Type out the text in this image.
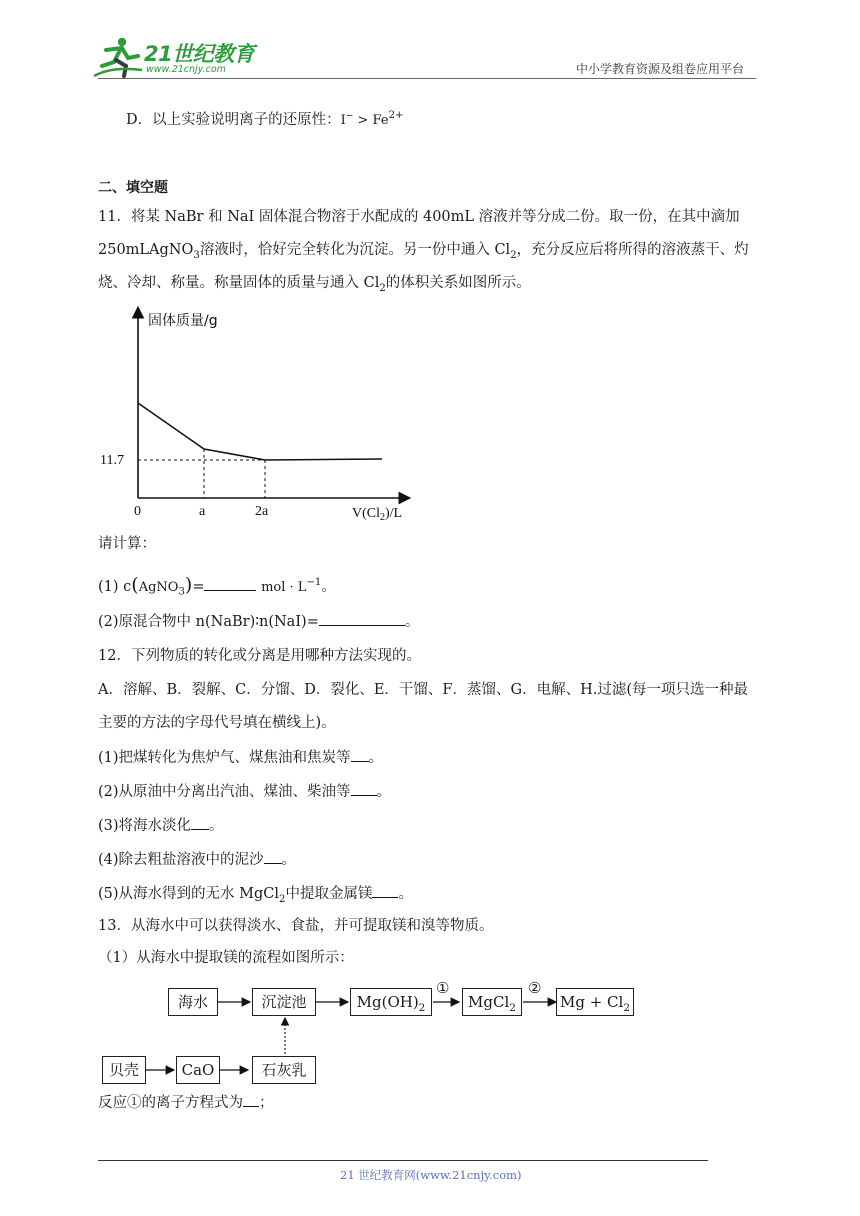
21世纪教育
www.21cnjy.com	中小学教育资源及组卷应用平台
D．以上实验说明离子的还原性：$I^- > Fe^{2+}$
二、填空题
11．将某 NaBr 和 NaI 固体混合物溶于水配成的 400mL 溶液并等分成二份。取一份，在其中滴加
250mLAgNO$_3$溶液时，恰好完全转化为沉淀。另一份中通入 $Cl_2$，充分反应后将所得的溶液蒸干、灼
烧、冷却、称量。称量固体的质量与通入 $Cl_2$的体积关系如图所示。
固体质量/g
$V(Cl_2)/L$
0	a	2a
11.7
请计算：
(1) c(AgNO$_3$)=	mol · $L^{-1}$。
(2)原混合物中 n(NaBr)∶n(NaI)=	。
12．下列物质的转化或分离是用哪种方法实现的。
A．溶解、B．裂解、C．分馏、D．裂化、E．干馏、F．蒸馏、G．电解、H.过滤(每一项只选一种最
主要的方法的字母代号填在横线上)。
(1)把煤转化为焦炉气、煤焦油和焦炭等 。
(2)从原油中分离出汽油、煤油、柴油等 。
(3)将海水淡化 。
(4)除去粗盐溶液中的泥沙 。
(5)从海水得到的无水 MgCl$_2$中提取金属镁 。
13．从海水中可以获得淡水、食盐，并可提取镁和溴等物质。
（1）从海水中提取镁的流程如图所示：
海水	沉淀池	$Mg(OH)_2$
①
MgCl$_2$
②
$Mg + Cl_2$
贝壳	CaO	石灰乳
反应①的离子方程式为 ；
21 世纪教育网(www.21cnjy.com)
